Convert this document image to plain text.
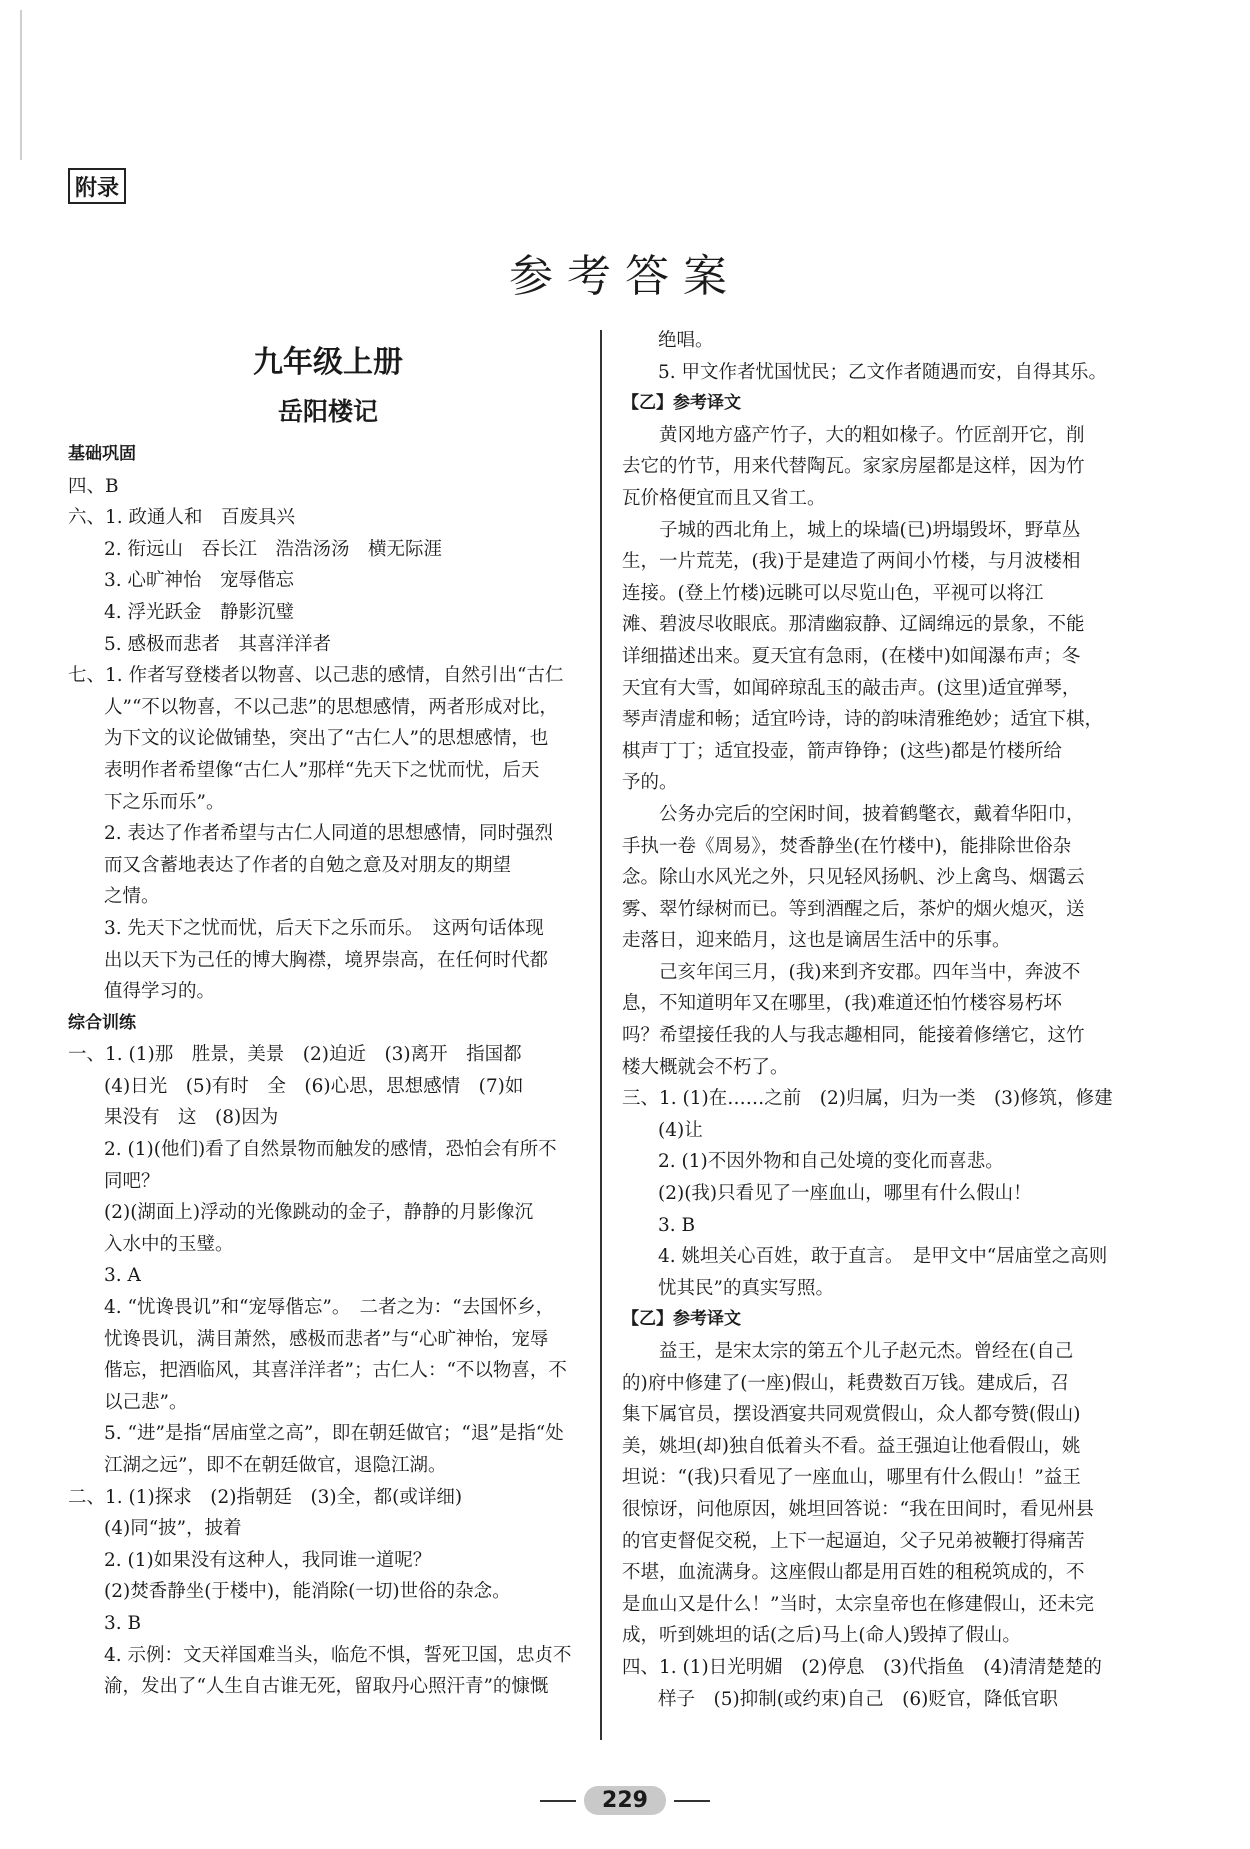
附录
参考答案
九年级上册
岳阳楼记
基础巩固
四、B
六、1. 政通人和　百废具兴
2. 衔远山　吞长江　浩浩汤汤　横无际涯
3. 心旷神怡　宠辱偕忘
4. 浮光跃金　静影沉璧
5. 感极而悲者　其喜洋洋者
七、1. 作者写登楼者以物喜、以己悲的感情，自然引出“古仁
人”“不以物喜，不以己悲”的思想感情，两者形成对比，
为下文的议论做铺垫，突出了“古仁人”的思想感情，也
表明作者希望像“古仁人”那样“先天下之忧而忧，后天
下之乐而乐”。
2. 表达了作者希望与古仁人同道的思想感情，同时强烈
而又含蓄地表达了作者的自勉之意及对朋友的期望
之情。
3. 先天下之忧而忧，后天下之乐而乐。　这两句话体现
出以天下为己任的博大胸襟，境界崇高，在任何时代都
值得学习的。
综合训练
一、1. (1)那　胜景，美景　(2)迫近　(3)离开　指国都
(4)日光　(5)有时　全　(6)心思，思想感情　(7)如
果没有　这　(8)因为
2. (1)(他们)看了自然景物而触发的感情，恐怕会有所不
同吧？
(2)(湖面上)浮动的光像跳动的金子，静静的月影像沉
入水中的玉璧。
3. A
4. “忧谗畏讥”和“宠辱偕忘”。　二者之为：“去国怀乡，
忧谗畏讥，满目萧然，感极而悲者”与“心旷神怡，宠辱
偕忘，把酒临风，其喜洋洋者”；古仁人：“不以物喜，不
以己悲”。
5. “进”是指“居庙堂之高”，即在朝廷做官；“退”是指“处
江湖之远”，即不在朝廷做官，退隐江湖。
二、1. (1)探求　(2)指朝廷　(3)全，都(或详细)
(4)同“披”，披着
2. (1)如果没有这种人，我同谁一道呢？
(2)焚香静坐(于楼中)，能消除(一切)世俗的杂念。
3. B
4. 示例：文天祥国难当头，临危不惧，誓死卫国，忠贞不
渝，发出了“人生自古谁无死，留取丹心照汗青”的慷慨
绝唱。
5. 甲文作者忧国忧民；乙文作者随遇而安，自得其乐。
【乙】参考译文
黄冈地方盛产竹子，大的粗如椽子。竹匠剖开它，削
去它的竹节，用来代替陶瓦。家家房屋都是这样，因为竹
瓦价格便宜而且又省工。
子城的西北角上，城上的垛墙(已)坍塌毁坏，野草丛
生，一片荒芜，(我)于是建造了两间小竹楼，与月波楼相
连接。(登上竹楼)远眺可以尽览山色，平视可以将江
滩、碧波尽收眼底。那清幽寂静、辽阔绵远的景象，不能
详细描述出来。夏天宜有急雨，(在楼中)如闻瀑布声；冬
天宜有大雪，如闻碎琼乱玉的敲击声。(这里)适宜弹琴，
琴声清虚和畅；适宜吟诗，诗的韵味清雅绝妙；适宜下棋，
棋声丁丁；适宜投壶，箭声铮铮；(这些)都是竹楼所给
予的。
公务办完后的空闲时间，披着鹤氅衣，戴着华阳巾，
手执一卷《周易》，焚香静坐(在竹楼中)，能排除世俗杂
念。除山水风光之外，只见轻风扬帆、沙上禽鸟、烟霭云
雾、翠竹绿树而已。等到酒醒之后，茶炉的烟火熄灭，送
走落日，迎来皓月，这也是谪居生活中的乐事。
己亥年闰三月，(我)来到齐安郡。四年当中，奔波不
息，不知道明年又在哪里，(我)难道还怕竹楼容易朽坏
吗？希望接任我的人与我志趣相同，能接着修缮它，这竹
楼大概就会不朽了。
三、1. (1)在……之前　(2)归属，归为一类　(3)修筑，修建
(4)让
2. (1)不因外物和自己处境的变化而喜悲。
(2)(我)只看见了一座血山，哪里有什么假山！
3. B
4. 姚坦关心百姓，敢于直言。　是甲文中“居庙堂之高则
忧其民”的真实写照。
【乙】参考译文
益王，是宋太宗的第五个儿子赵元杰。曾经在(自己
的)府中修建了(一座)假山，耗费数百万钱。建成后，召
集下属官员，摆设酒宴共同观赏假山，众人都夸赞(假山)
美，姚坦(却)独自低着头不看。益王强迫让他看假山，姚
坦说：“(我)只看见了一座血山，哪里有什么假山！”益王
很惊讶，问他原因，姚坦回答说：“我在田间时，看见州县
的官吏督促交税，上下一起逼迫，父子兄弟被鞭打得痛苦
不堪，血流满身。这座假山都是用百姓的租税筑成的，不
是血山又是什么！”当时，太宗皇帝也在修建假山，还未完
成，听到姚坦的话(之后)马上(命人)毁掉了假山。
四、1. (1)日光明媚　(2)停息　(3)代指鱼　(4)清清楚楚的
样子　(5)抑制(或约束)自己　(6)贬官，降低官职
229
